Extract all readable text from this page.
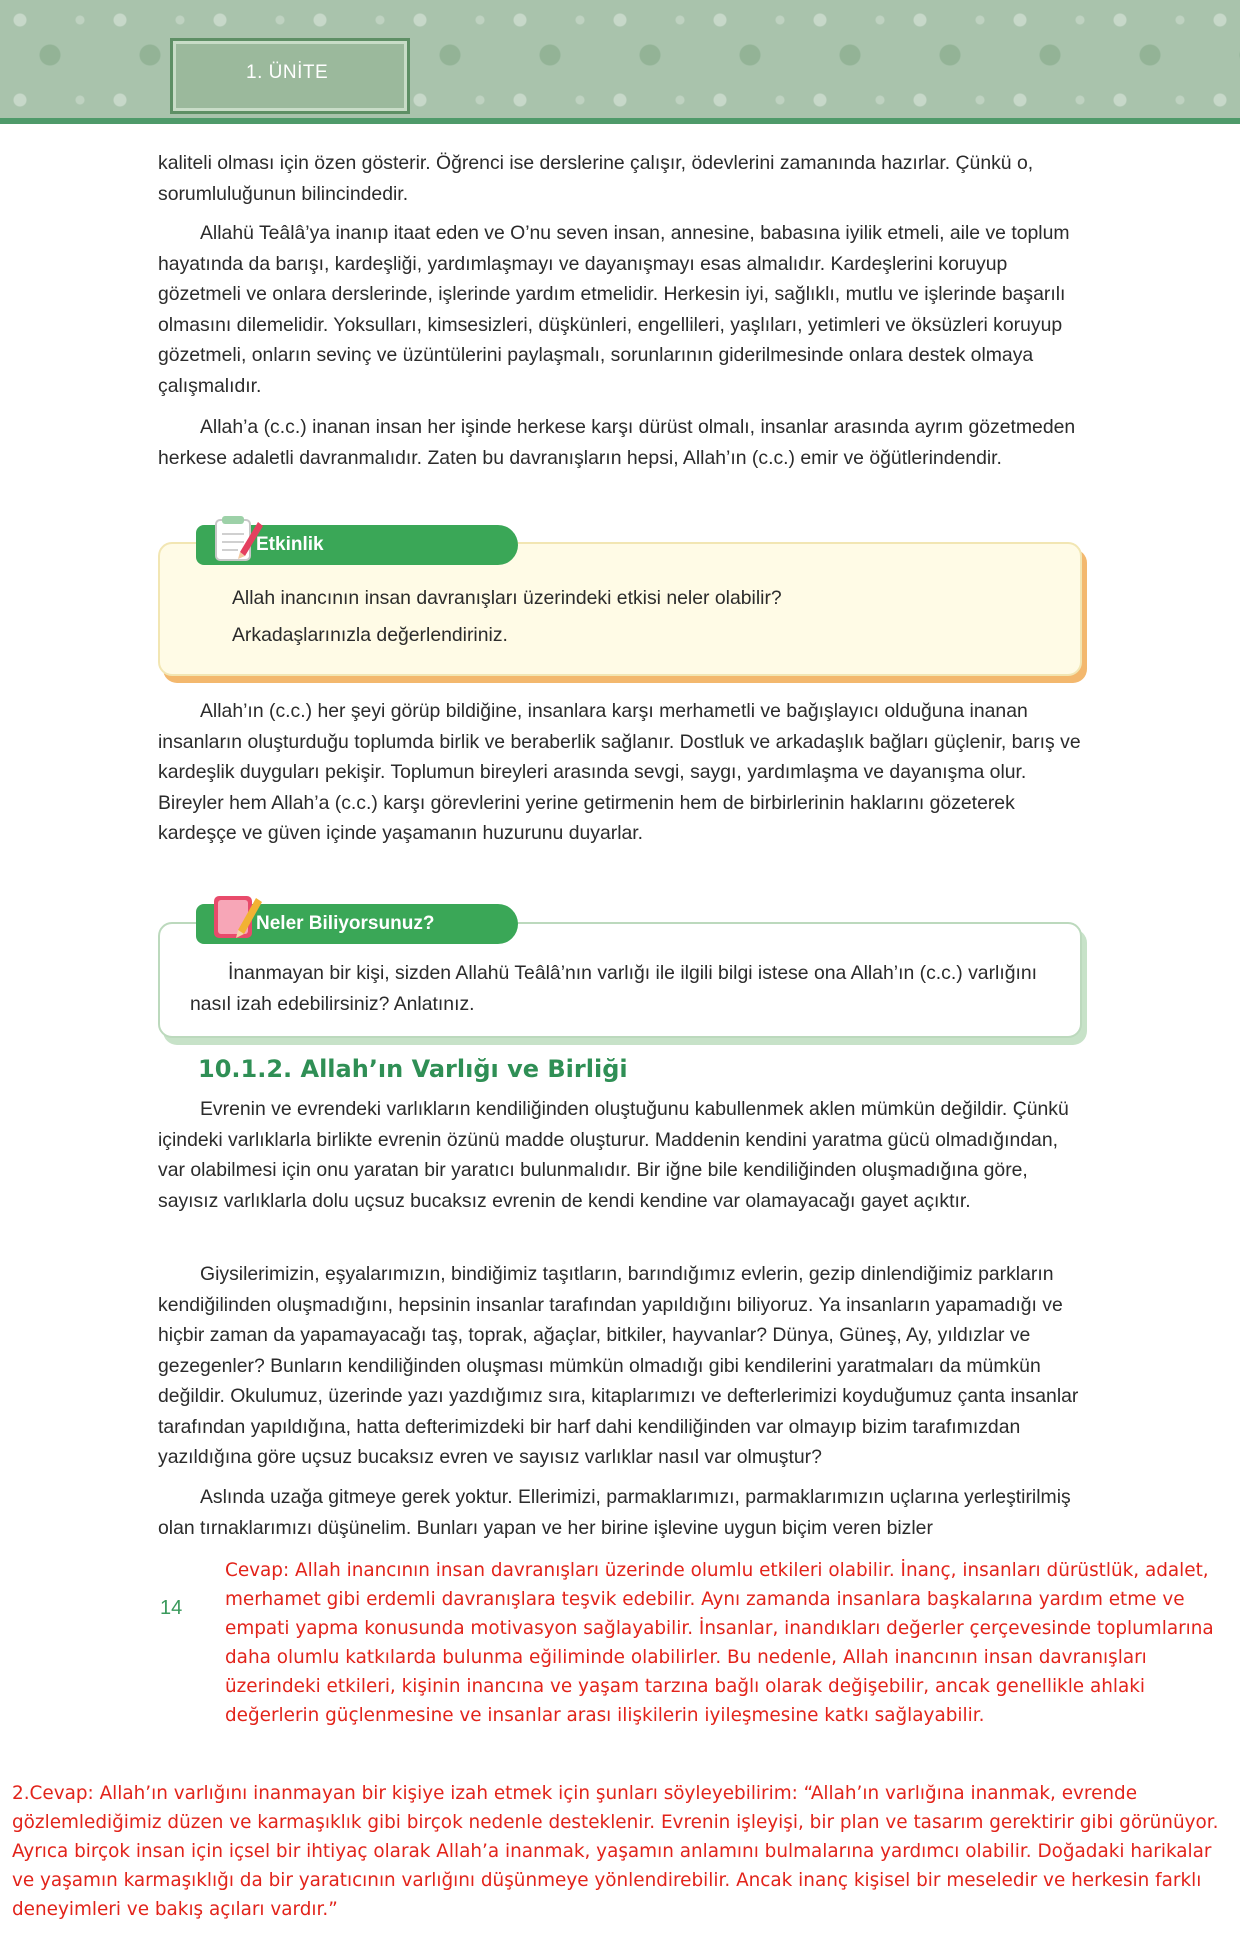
1. ÜNİTE

kaliteli olması için özen gösterir. Öğrenci ise derslerine çalışır, ödevlerini zamanında hazırlar. Çünkü o, sorumluluğunun bilincindedir.

Allahü Teâlâ’ya inanıp itaat eden ve O’nu seven insan, annesine, babasına iyilik etmeli, aile ve toplum hayatında da barışı, kardeşliği, yardımlaşmayı ve dayanışmayı esas almalıdır. Kardeşlerini koruyup gözetmeli ve onlara derslerinde, işlerinde yardım etmelidir. Herkesin iyi, sağlıklı, mutlu ve işlerinde başarılı olmasını dilemelidir. Yoksulları, kimsesizleri, düşkünleri, engellileri, yaşlıları, yetimleri ve öksüzleri koruyup gözetmeli, onların sevinç ve üzüntülerini paylaşmalı, sorunlarının giderilmesinde onlara destek olmaya çalışmalıdır.

Allah’a (c.c.) inanan insan her işinde herkese karşı dürüst olmalı, insanlar arasında ayrım gözetmeden herkese adaletli davranmalıdır. Zaten bu davranışların hepsi, Allah’ın (c.c.) emir ve öğütlerindendir.

Etkinlik

Allah inancının insan davranışları üzerindeki etkisi neler olabilir?

Arkadaşlarınızla değerlendiriniz.

Allah’ın (c.c.) her şeyi görüp bildiğine, insanlara karşı merhametli ve bağışlayıcı olduğuna inanan insanların oluşturduğu toplumda birlik ve beraberlik sağlanır. Dostluk ve arkadaşlık bağları güçlenir, barış ve kardeşlik duyguları pekişir. Toplumun bireyleri arasında sevgi, saygı, yardımlaşma ve dayanışma olur. Bireyler hem Allah’a (c.c.) karşı görevlerini yerine getirmenin hem de birbirlerinin haklarını gözeterek kardeşçe ve güven içinde yaşamanın huzurunu duyarlar.

Neler Biliyorsunuz?

İnanmayan bir kişi, sizden Allahü Teâlâ’nın varlığı ile ilgili bilgi istese ona Allah’ın (c.c.) varlığını nasıl izah edebilirsiniz? Anlatınız.

10.1.2. Allah’ın Varlığı ve Birliği

Evrenin ve evrendeki varlıkların kendiliğinden oluştuğunu kabullenmek aklen mümkün değildir. Çünkü içindeki varlıklarla birlikte evrenin özünü madde oluşturur. Maddenin kendini yaratma gücü olmadığından, var olabilmesi için onu yaratan bir yaratıcı bulunmalıdır. Bir iğne bile kendiliğinden oluşmadığına göre, sayısız varlıklarla dolu uçsuz bucaksız evrenin de kendi kendine var olamayacağı gayet açıktır.

Giysilerimizin, eşyalarımızın, bindiğimiz taşıtların, barındığımız evlerin, gezip dinlendiğimiz parkların kendiğilinden oluşmadığını, hepsinin insanlar tarafından yapıldığını biliyoruz. Ya insanların yapamadığı ve hiçbir zaman da yapamayacağı taş, toprak, ağaçlar, bitkiler, hayvanlar? Dünya, Güneş, Ay, yıldızlar ve gezegenler? Bunların kendiliğinden oluşması mümkün olmadığı gibi kendilerini yaratmaları da mümkün değildir. Okulumuz, üzerinde yazı yazdığımız sıra, kitaplarımızı ve defterlerimizi koyduğumuz çanta insanlar tarafından yapıldığına, hatta defterimizdeki bir harf dahi kendiliğinden var olmayıp bizim tarafımızdan yazıldığına göre uçsuz bucaksız evren ve sayısız varlıklar nasıl var olmuştur?

Aslında uzağa gitmeye gerek yoktur. Ellerimizi, parmaklarımızı, parmaklarımızın uçlarına yerleştirilmiş olan tırnaklarımızı düşünelim. Bunları yapan ve her birine işlevine uygun biçim veren bizler

14

Cevap: Allah inancının insan davranışları üzerinde olumlu etkileri olabilir. İnanç, insanları dürüstlük, adalet, merhamet gibi erdemli davranışlara teşvik edebilir. Aynı zamanda insanlara başkalarına yardım etme ve empati yapma konusunda motivasyon sağlayabilir. İnsanlar, inandıkları değerler çerçevesinde toplumlarına daha olumlu katkılarda bulunma eğiliminde olabilirler. Bu nedenle, Allah inancının insan davranışları üzerindeki etkileri, kişinin inancına ve yaşam tarzına bağlı olarak değişebilir, ancak genellikle ahlaki değerlerin güçlenmesine ve insanlar arası ilişkilerin iyileşmesine katkı sağlayabilir.

2.Cevap: Allah’ın varlığını inanmayan bir kişiye izah etmek için şunları söyleyebilirim: “Allah’ın varlığına inanmak, evrende gözlemlediğimiz düzen ve karmaşıklık gibi birçok nedenle desteklenir. Evrenin işleyişi, bir plan ve tasarım gerektirir gibi görünüyor. Ayrıca birçok insan için içsel bir ihtiyaç olarak Allah’a inanmak, yaşamın anlamını bulmalarına yardımcı olabilir. Doğadaki harikalar ve yaşamın karmaşıklığı da bir yaratıcının varlığını düşünmeye yönlendirebilir. Ancak inanç kişisel bir meseledir ve herkesin farklı deneyimleri ve bakış açıları vardır.”
